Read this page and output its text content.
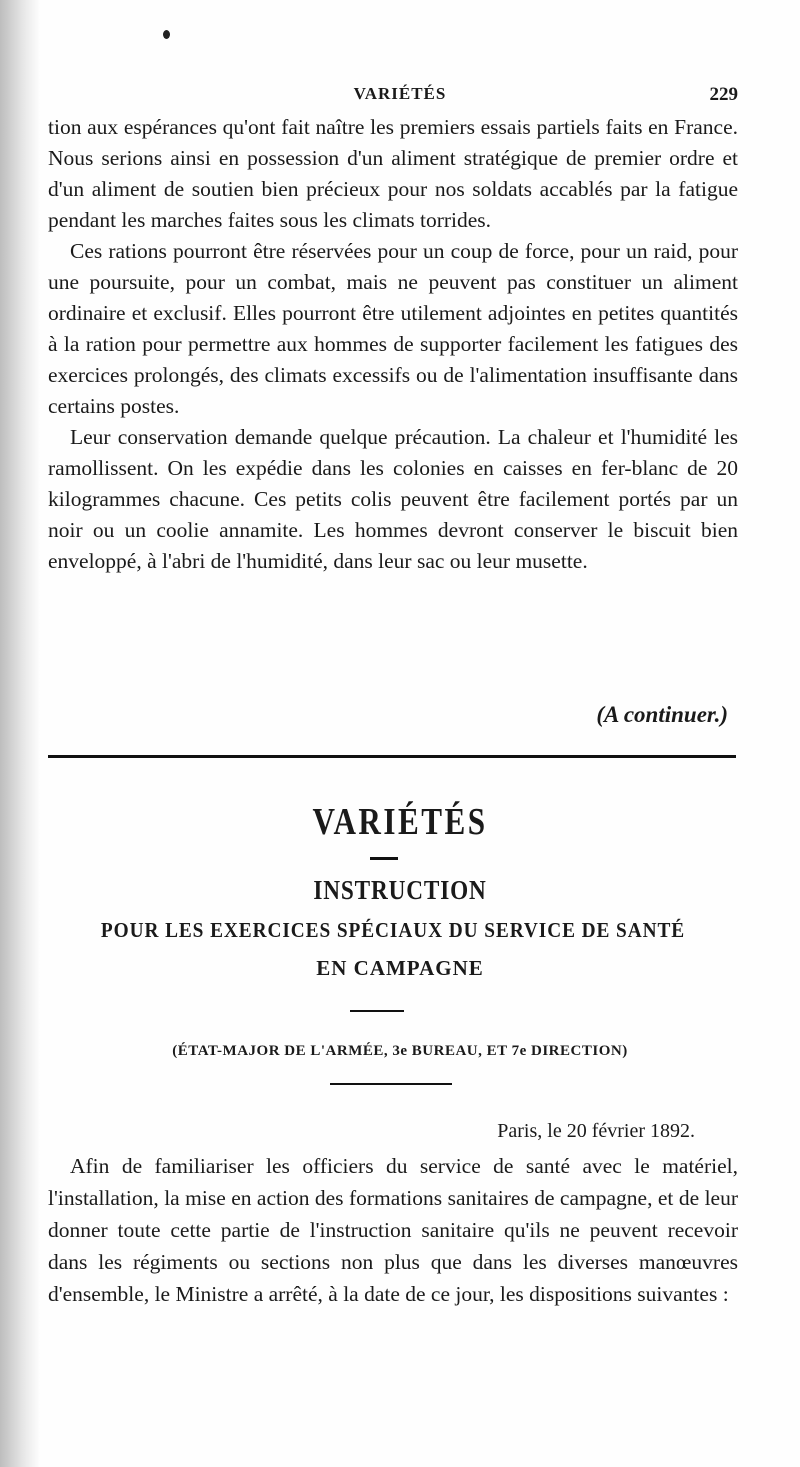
VARIÉTÉS	229

tion aux espérances qu'ont fait naître les premiers essais partiels faits en France. Nous serions ainsi en possession d'un aliment stratégique de premier ordre et d'un aliment de soutien bien précieux pour nos soldats accablés par la fatigue pendant les marches faites sous les climats torrides.

Ces rations pourront être réservées pour un coup de force, pour un raid, pour une poursuite, pour un combat, mais ne peuvent pas constituer un aliment ordinaire et exclusif. Elles pourront être utilement adjointes en petites quantités à la ration pour permettre aux hommes de supporter facilement les fatigues des exercices prolongés, des climats excessifs ou de l'alimentation insuffisante dans certains postes.

Leur conservation demande quelque précaution. La chaleur et l'humidité les ramollissent. On les expédie dans les colonies en caisses en fer-blanc de 20 kilogrammes chacune. Ces petits colis peuvent être facilement portés par un noir ou un coolie annamite. Les hommes devront conserver le biscuit bien enveloppé, à l'abri de l'humidité, dans leur sac ou leur musette.

(A continuer.)
VARIÉTÉS
INSTRUCTION
POUR LES EXERCICES SPÉCIAUX DU SERVICE DE SANTÉ
EN CAMPAGNE
(ÉTAT-MAJOR DE L'ARMÉE, 3e BUREAU, ET 7e DIRECTION)
Paris, le 20 février 1892.

Afin de familiariser les officiers du service de santé avec le matériel, l'installation, la mise en action des formations sanitaires de campagne, et de leur donner toute cette partie de l'instruction sanitaire qu'ils ne peuvent recevoir dans les régiments ou sections non plus que dans les diverses manœuvres d'ensemble, le Ministre a arrêté, à la date de ce jour, les dispositions suivantes :
